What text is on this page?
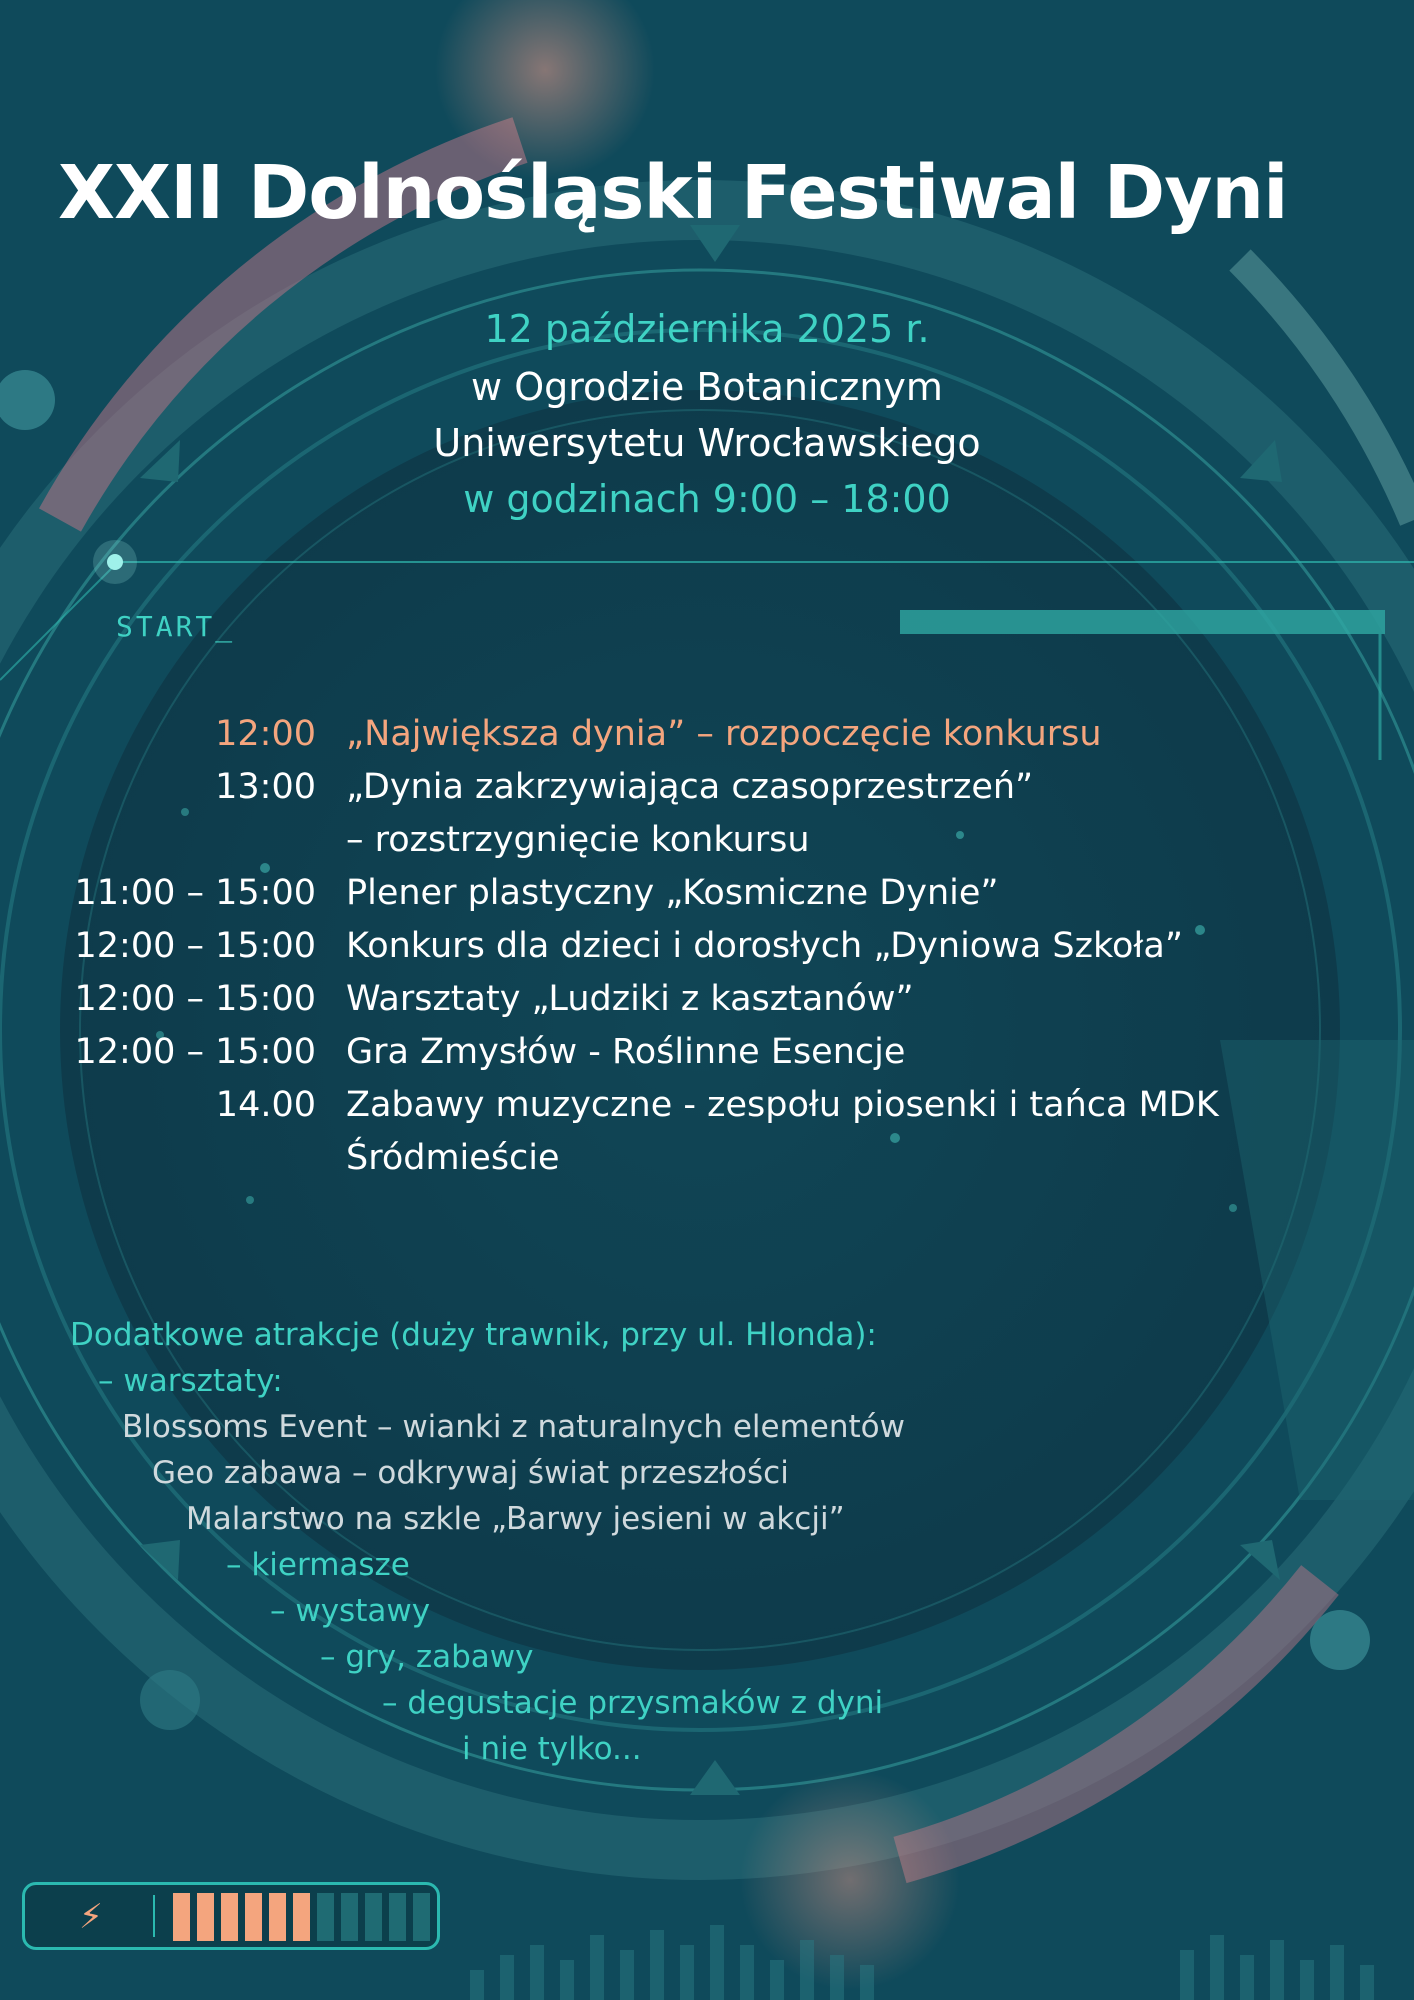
XXII Dolnośląski Festiwal Dyni
12 października 2025 r.
w Ogrodzie Botanicznym
Uniwersytetu Wrocławskiego
w godzinach 9:00 – 18:00
START_
12:00 „Największa dynia” – rozpoczęcie konkursu
13:00 „Dynia zakrzywiająca czasoprzestrzeń”
– rozstrzygnięcie konkursu
11:00 – 15:00 Plener plastyczny „Kosmiczne Dynie”
12:00 – 15:00 Konkurs dla dzieci i dorosłych „Dyniowa Szkoła”
12:00 – 15:00 Warsztaty „Ludziki z kasztanów”
12:00 – 15:00 Gra Zmysłów - Roślinne Esencje
14.00 Zabawy muzyczne - zespołu piosenki i tańca MDK
Śródmieście
Dodatkowe atrakcje (duży trawnik, przy ul. Hlonda):
– warsztaty:
Blossoms Event – wianki z naturalnych elementów
Geo zabawa – odkrywaj świat przeszłości
Malarstwo na szkle „Barwy jesieni w akcji”
– kiermasze
– wystawy
– gry, zabawy
– degustacje przysmaków z dyni
i nie tylko...
⚡
